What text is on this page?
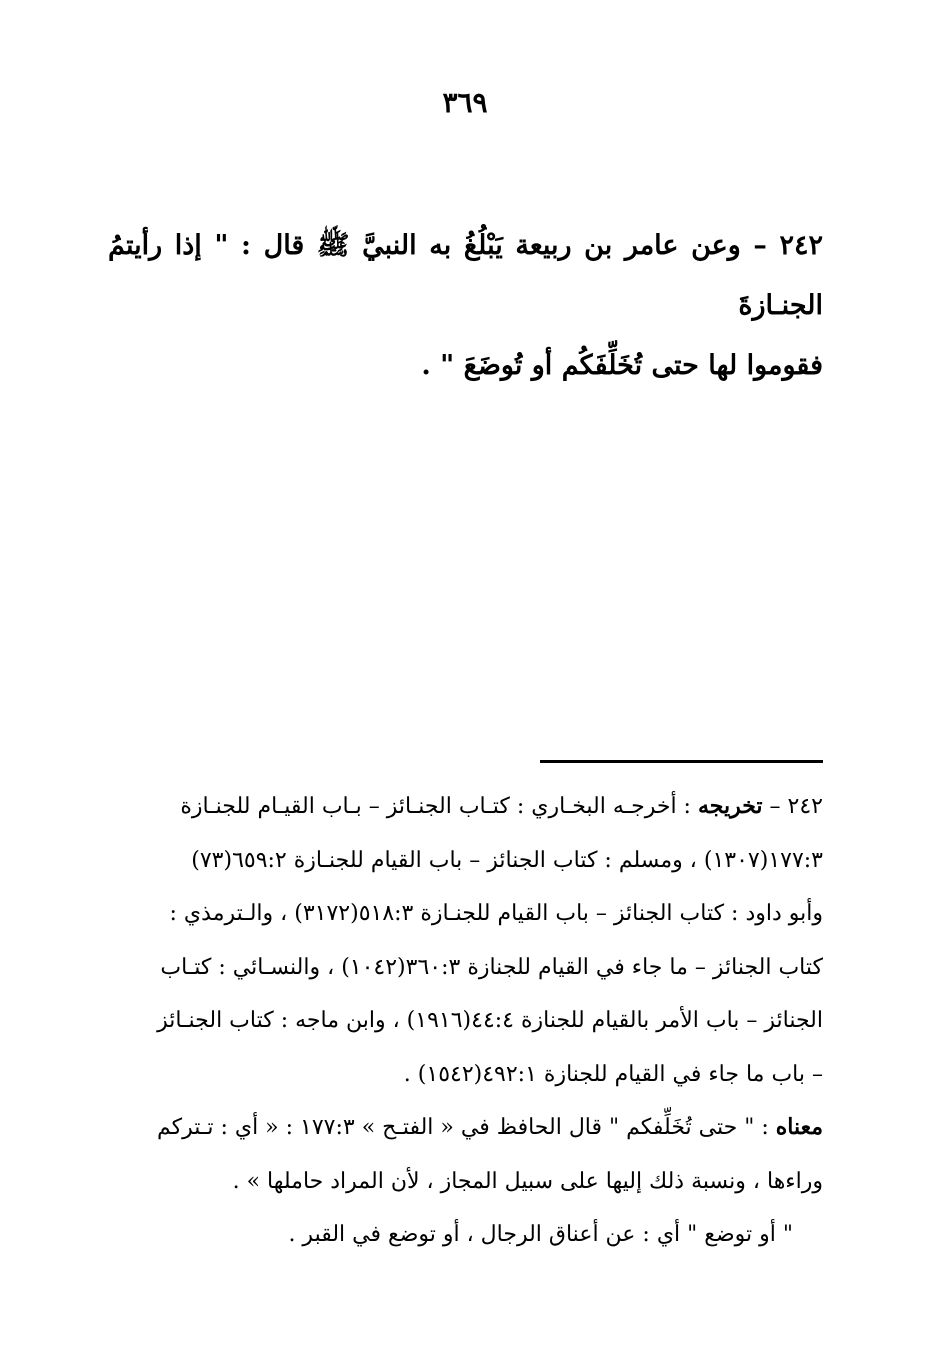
٣٦٩

٢٤٢ – وعن عامر بن ربيعة يَبْلُغُ به النبيَّ ﷺ قال : " إذا رأيتمُ الجنـازةَ

فقوموا لها حتى تُخَلِّفَكُم أو تُوضَعَ " .

٢٤٢ – تخريجه : أخرجـه البخـاري : كتـاب الجنـائز – بـاب القيـام للجنـازة

١٧٧:٣(١٣٠٧) ، ومسلم : كتاب الجنائز – باب القيام للجنـازة ٦٥٩:٢(٧٣)

وأبو داود : كتاب الجنائز – باب القيام للجنـازة ٥١٨:٣(٣١٧٢) ، والـترمذي :

كتاب الجنائز – ما جاء في القيام للجنازة ٣٦٠:٣(١٠٤٢) ، والنسـائي : كتـاب

الجنائز – باب الأمر بالقيام للجنازة ٤٤:٤(١٩١٦) ، وابن ماجه : كتاب الجنـائز

– باب ما جاء في القيام للجنازة ٤٩٢:١(١٥٤٢) .

معناه : " حتى تُخَلِّفكم " قال الحافظ في « الفتـح » ١٧٧:٣ : « أي : تـتركم

وراءها ، ونسبة ذلك إليها على سبيل المجاز ، لأن المراد حاملها » .

" أو توضع " أي : عن أعناق الرجال ، أو توضع في القبر .
